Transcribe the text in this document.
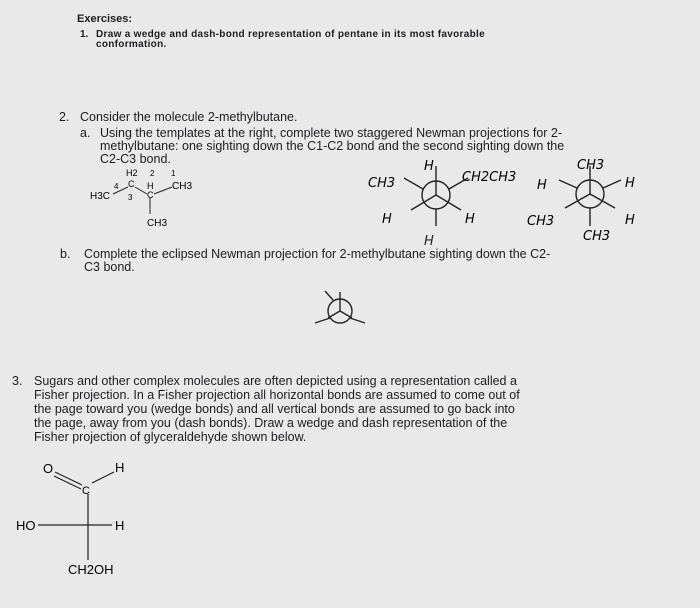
Exercises:
1. Draw a wedge and dash-bond representation of pentane in its most favorable
conformation.
2. Consider the molecule 2-methylbutane.
a. Using the templates at the right, complete two staggered Newman projections for 2-
methylbutane: one sighting down the C1-C2 bond and the second sighting down the
C2-C3 bond.
H3C
4
H2
C
3
H
2
C
1
CH3
CH3
CH3
H
CH2CH3
H	H
CH3
H	H
CH3	H
CH3
H
b. Complete the eclipsed Newman projection for 2-methylbutane sighting down the C2-
C3 bond.
3. Sugars and other complex molecules are often depicted using a representation called a
Fisher projection. In a Fisher projection all horizontal bonds are assumed to come out of
the page toward you (wedge bonds) and all vertical bonds are assumed to go back into
the page, away from you (dash bonds). Draw a wedge and dash representation of the
Fisher projection of glyceraldehyde shown below.
O
C
H
HO	H
CH2OH
